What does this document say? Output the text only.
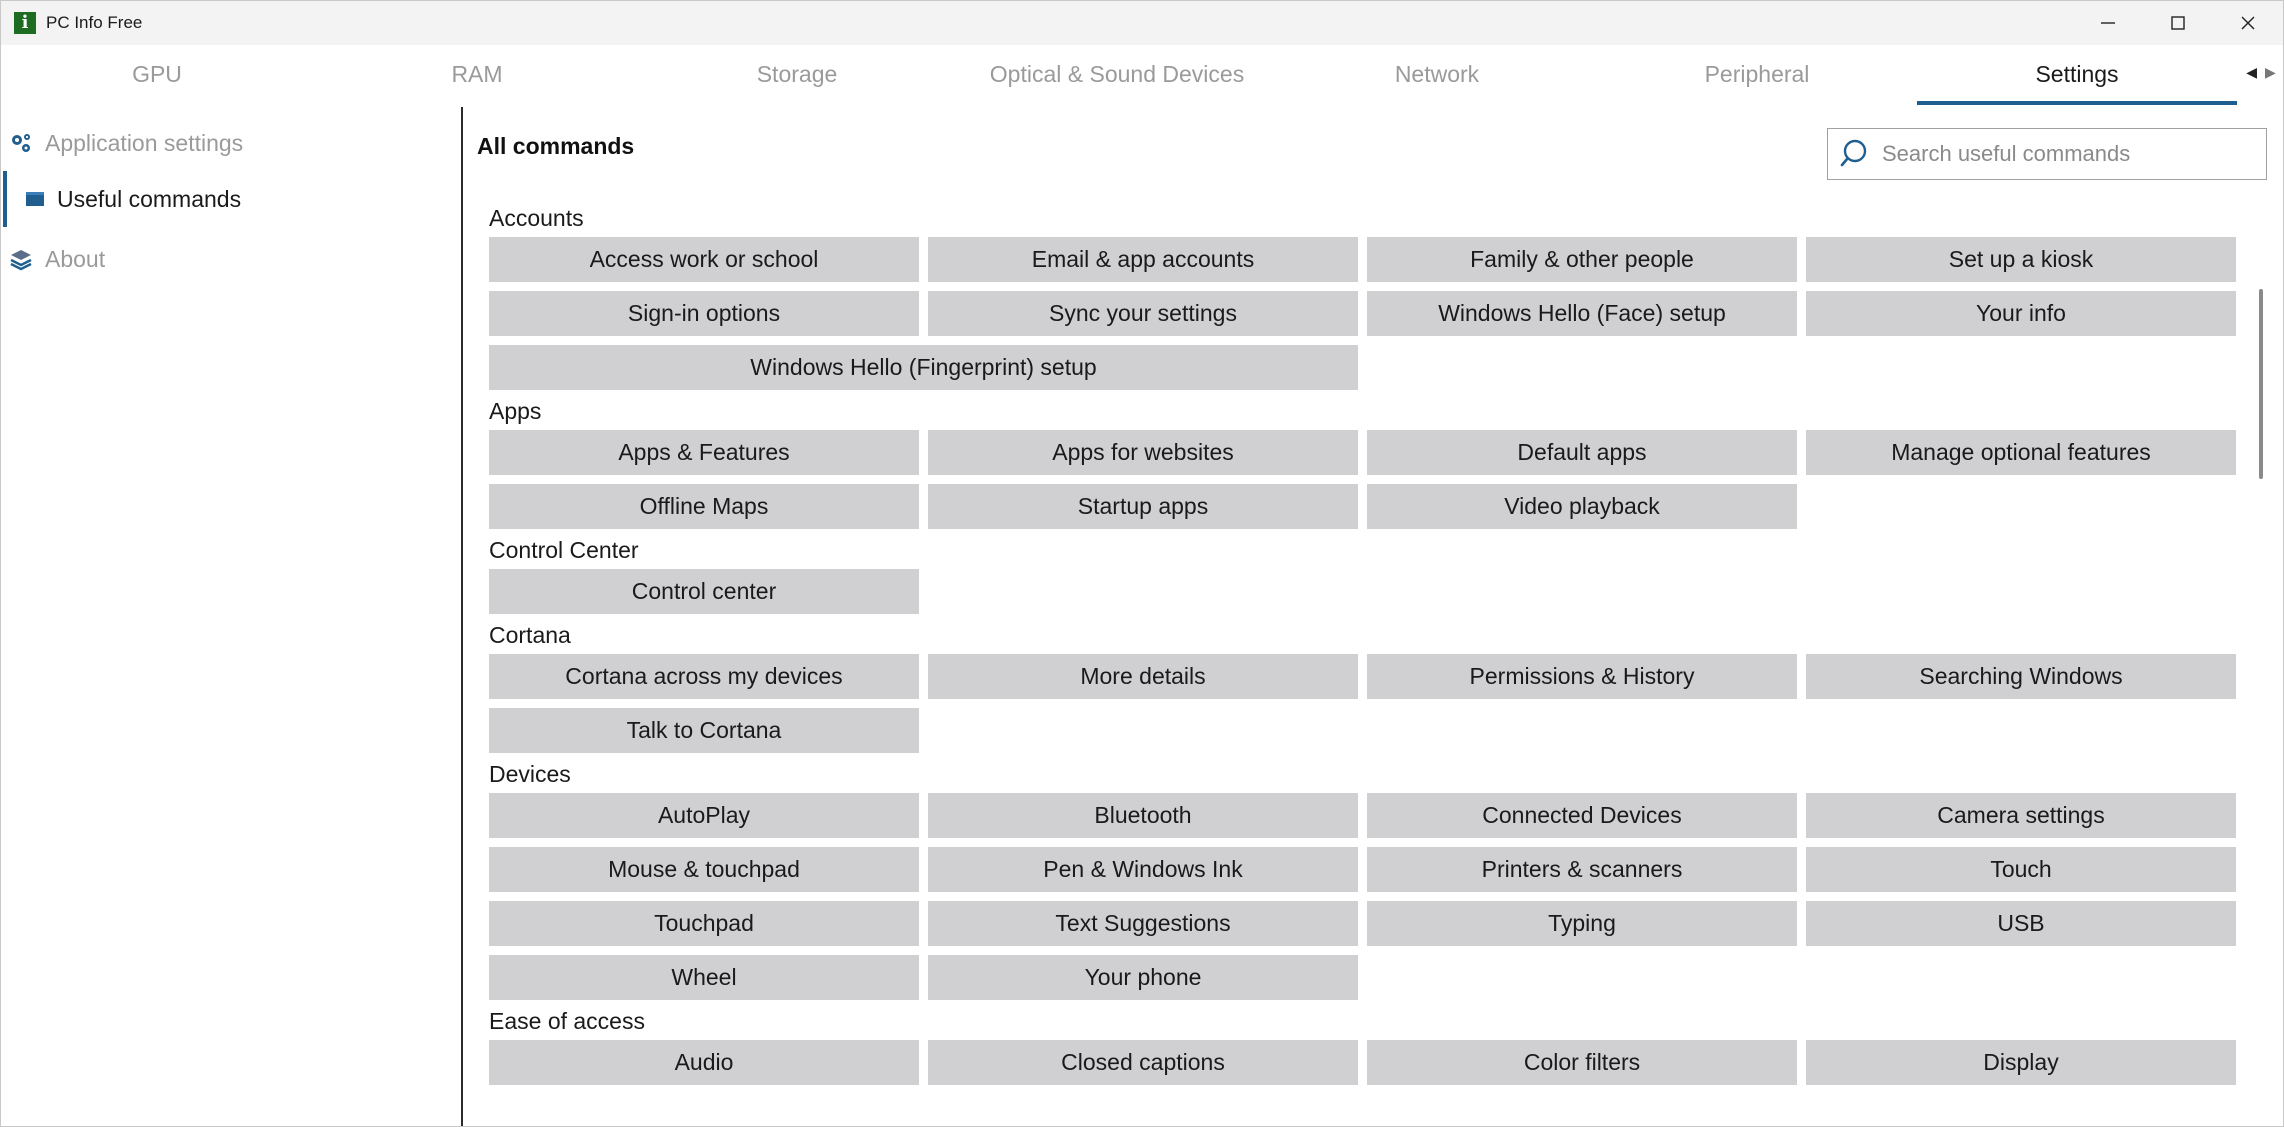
i	PC Info Free
GPU	RAM	Storage	Optical & Sound Devices	Network	Peripheral	Settings	◀ ▶
Application settings
Useful commands
About
All commands
Search useful commands
Accounts
Access work or school	Email & app accounts	Family & other people	Set up a kiosk
Sign-in options	Sync your settings	Windows Hello (Face) setup	Your info
Windows Hello (Fingerprint) setup
Apps
Apps & Features	Apps for websites	Default apps	Manage optional features
Offline Maps	Startup apps	Video playback
Control Center
Control center
Cortana
Cortana across my devices	More details	Permissions & History	Searching Windows
Talk to Cortana
Devices
AutoPlay	Bluetooth	Connected Devices	Camera settings
Mouse & touchpad	Pen & Windows Ink	Printers & scanners	Touch
Touchpad	Text Suggestions	Typing	USB
Wheel	Your phone
Ease of access
Audio	Closed captions	Color filters	Display
